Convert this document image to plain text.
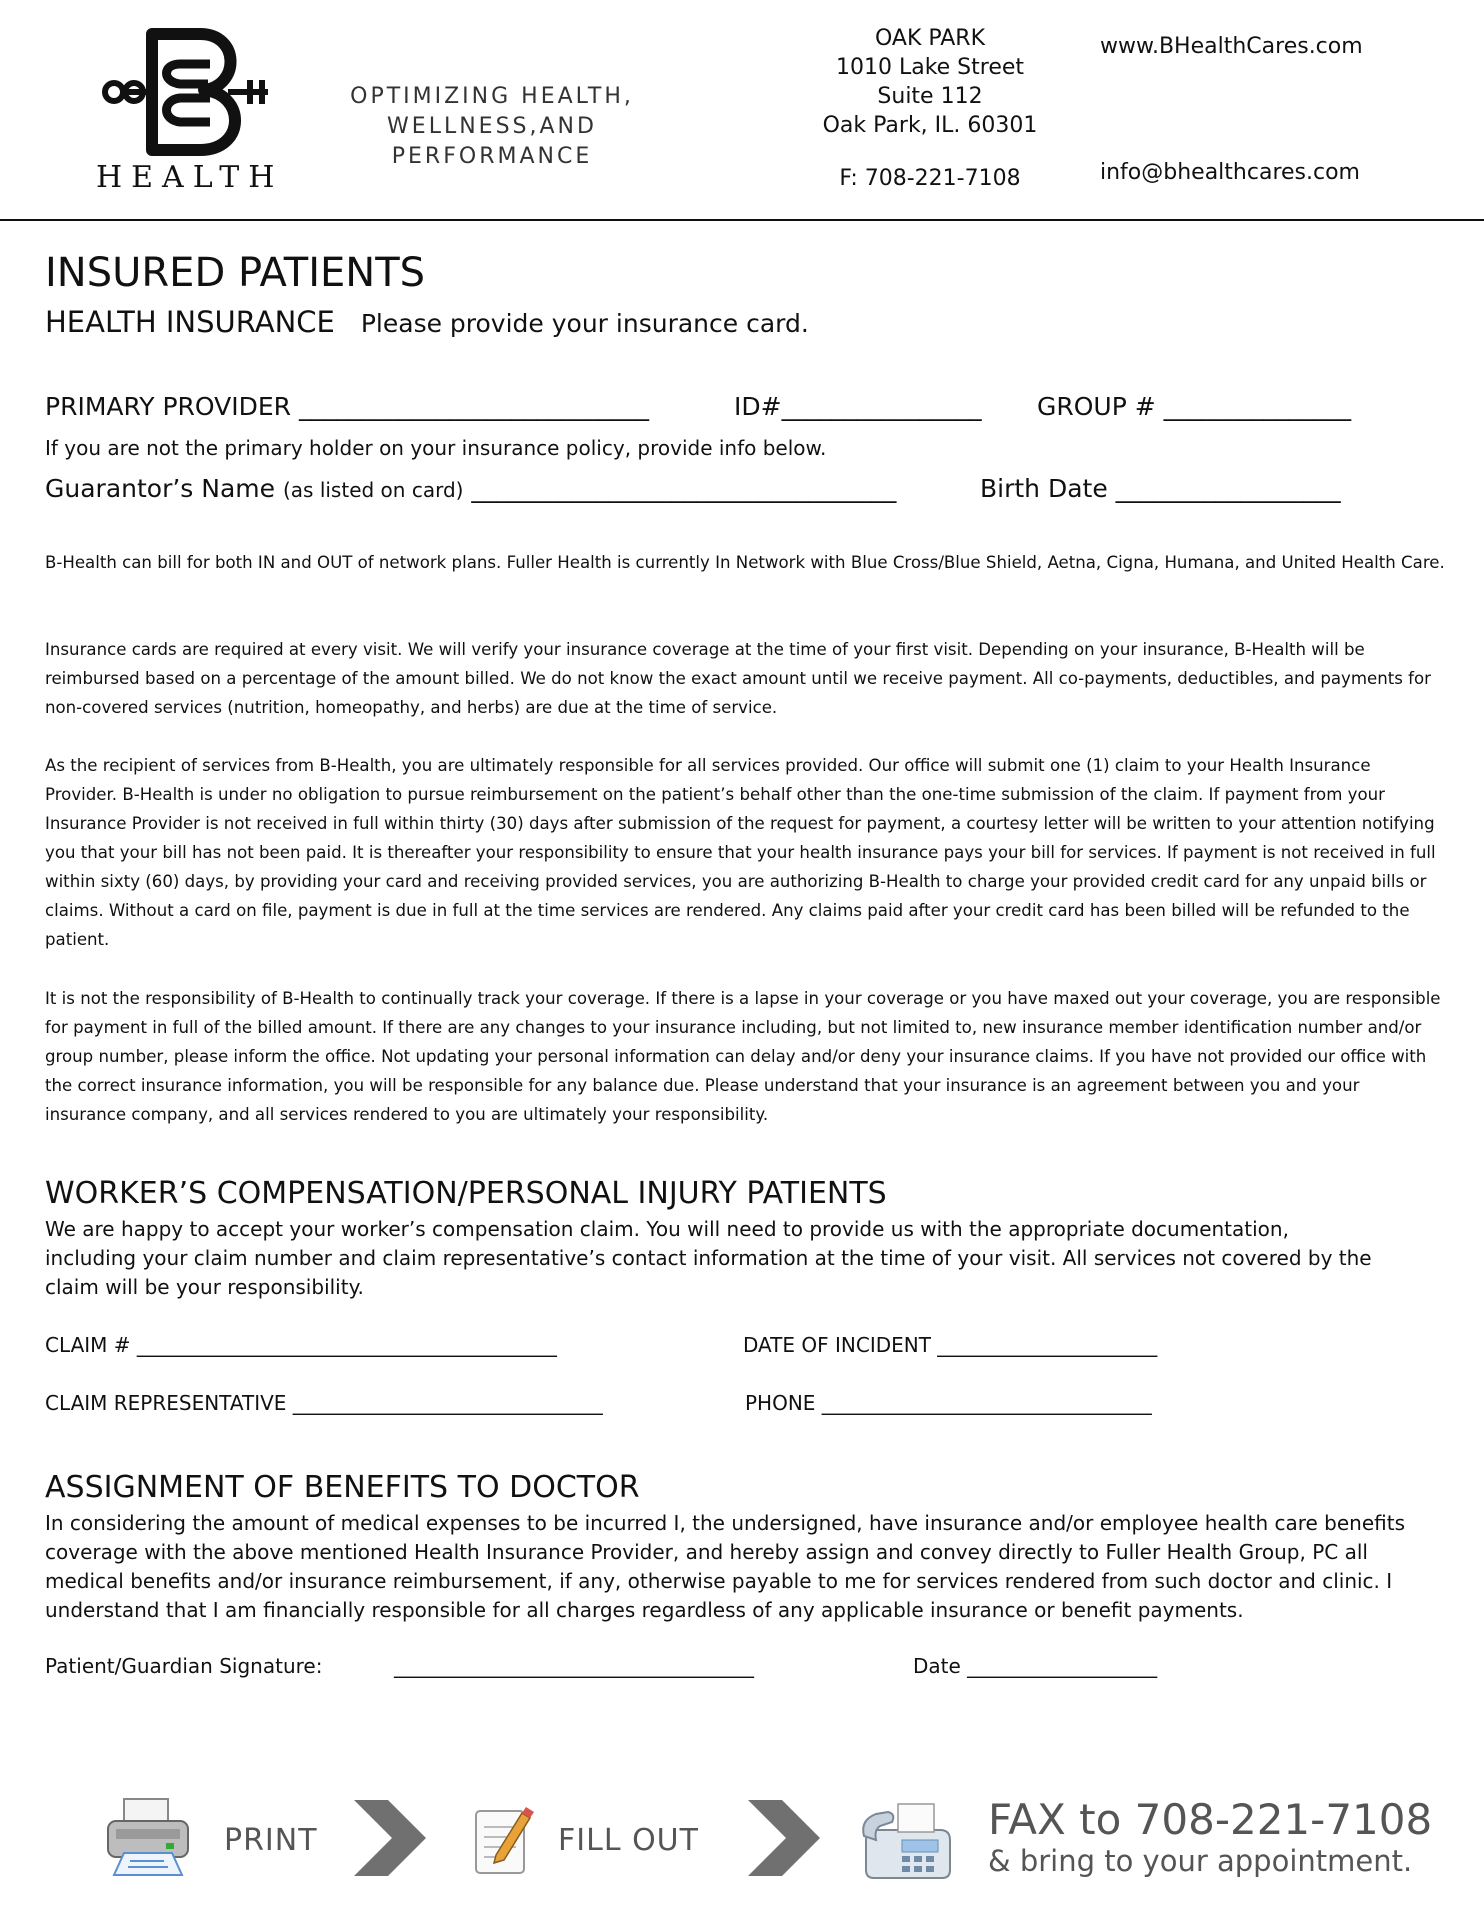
HEALTH
OPTIMIZING HEALTH,
WELLNESS,AND PERFORMANCE
OAK PARK
1010 Lake Street
Suite 112
Oak Park, IL. 60301
F: 708-221-7108
www.BHealthCares.com
info@bhealthcares.com
INSURED PATIENTS
HEALTH INSURANCE Please provide your insurance card.
PRIMARY PROVIDER ____________________________	ID#________________ GROUP # _______________
If you are not the primary holder on your insurance policy, provide info below.
Guarantor’s Name (as listed on card) __________________________________	Birth Date __________________
B-Health can bill for both IN and OUT of network plans. Fuller Health is currently In Network with Blue Cross/Blue Shield, Aetna, Cigna, Humana, and United Health Care.
Insurance cards are required at every visit. We will verify your insurance coverage at the time of your first visit. Depending on your insurance, B-Health will be reimbursed based on a percentage of the amount billed. We do not know the exact amount until we receive payment. All co-payments, deductibles, and payments for non-covered services (nutrition, homeopathy, and herbs) are due at the time of service.
As the recipient of services from B-Health, you are ultimately responsible for all services provided. Our office will submit one (1) claim to your Health Insurance Provider. B-Health is under no obligation to pursue reimbursement on the patient’s behalf other than the one-time submission of the claim. If payment from your Insurance Provider is not received in full within thirty (30) days after submission of the request for payment, a courtesy letter will be written to your attention notifying you that your bill has not been paid. It is thereafter your responsibility to ensure that your health insurance pays your bill for services. If payment is not received in full within sixty (60) days, by providing your card and receiving provided services, you are authorizing B-Health to charge your provided credit card for any unpaid bills or claims. Without a card on file, payment is due in full at the time services are rendered. Any claims paid after your credit card has been billed will be refunded to the patient.
It is not the responsibility of B-Health to continually track your coverage. If there is a lapse in your coverage or you have maxed out your coverage, you are responsible for payment in full of the billed amount. If there are any changes to your insurance including, but not limited to, new insurance member identification number and/or group number, please inform the office. Not updating your personal information can delay and/or deny your insurance claims. If you have not provided our office with the correct insurance information, you will be responsible for any balance due. Please understand that your insurance is an agreement between you and your insurance company, and all services rendered to you are ultimately your responsibility.
WORKER’S COMPENSATION/PERSONAL INJURY PATIENTS
We are happy to accept your worker’s compensation claim. You will need to provide us with the appropriate documentation, including your claim number and claim representative’s contact information at the time of your visit. All services not covered by the claim will be your responsibility.
CLAIM # __________________________________________	DATE OF INCIDENT ______________________
CLAIM REPRESENTATIVE _______________________________	PHONE _________________________________
ASSIGNMENT OF BENEFITS TO DOCTOR
In considering the amount of medical expenses to be incurred I, the undersigned, have insurance and/or employee health care benefits coverage with the above mentioned Health Insurance Provider, and hereby assign and convey directly to Fuller Health Group, PC all medical benefits and/or insurance reimbursement, if any, otherwise payable to me for services rendered from such doctor and clinic. I understand that I am financially responsible for all charges regardless of any applicable insurance or benefit payments.
Patient/Guardian Signature:	____________________________________	Date ___________________
PRINT	FILL OUT	FAX to 708-221-7108
& bring to your appointment.
